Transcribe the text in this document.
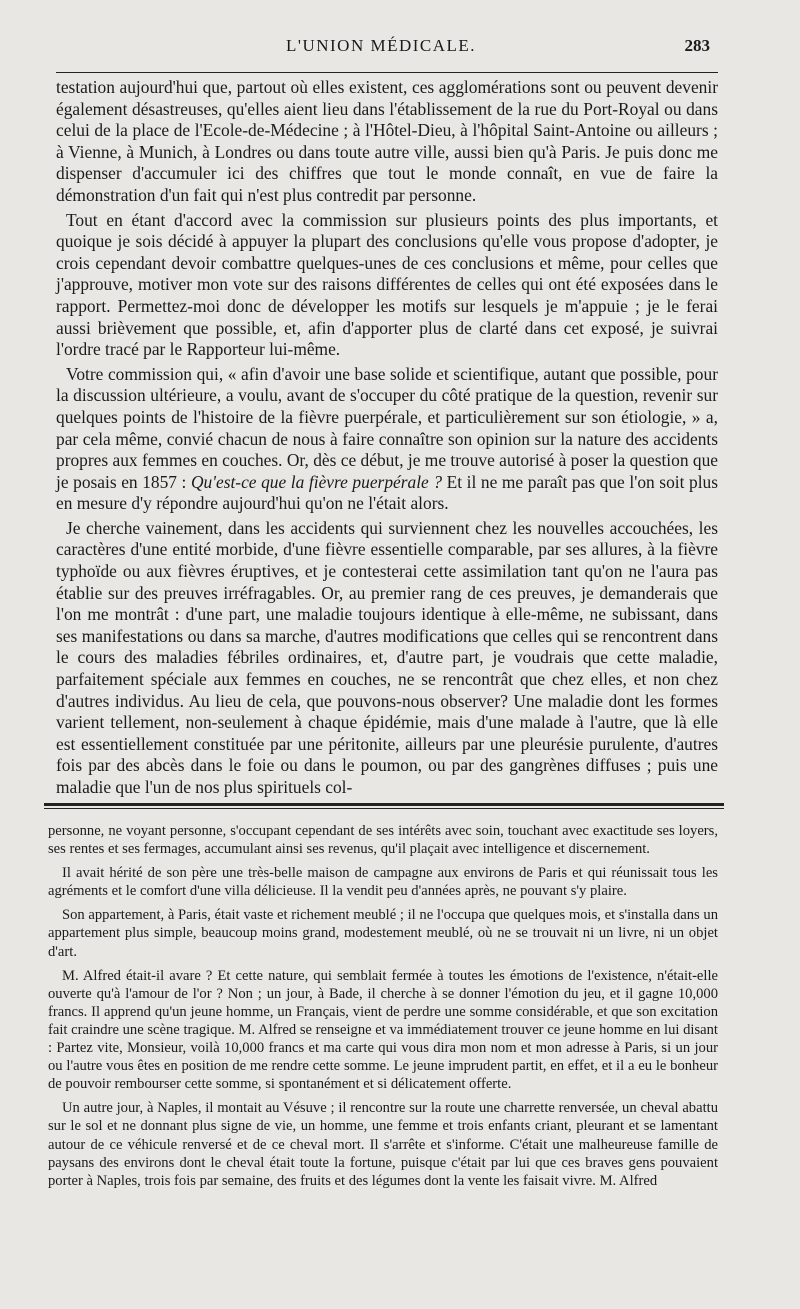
L'UNION MÉDICALE.	283

testation aujourd'hui que, partout où elles existent, ces agglomérations sont ou peuvent devenir également désastreuses, qu'elles aient lieu dans l'établissement de la rue du Port-Royal ou dans celui de la place de l'Ecole-de-Médecine ; à l'Hôtel-Dieu, à l'hôpital Saint-Antoine ou ailleurs ; à Vienne, à Munich, à Londres ou dans toute autre ville, aussi bien qu'à Paris. Je puis donc me dispenser d'accumuler ici des chiffres que tout le monde connaît, en vue de faire la démonstration d'un fait qui n'est plus contredit par personne.

Tout en étant d'accord avec la commission sur plusieurs points des plus importants, et quoique je sois décidé à appuyer la plupart des conclusions qu'elle vous propose d'adopter, je crois cependant devoir combattre quelques-unes de ces conclusions et même, pour celles que j'approuve, motiver mon vote sur des raisons différentes de celles qui ont été exposées dans le rapport. Permettez-moi donc de développer les motifs sur lesquels je m'appuie ; je le ferai aussi brièvement que possible, et, afin d'apporter plus de clarté dans cet exposé, je suivrai l'ordre tracé par le Rapporteur lui-même.

Votre commission qui, « afin d'avoir une base solide et scientifique, autant que possible, pour la discussion ultérieure, a voulu, avant de s'occuper du côté pratique de la question, revenir sur quelques points de l'histoire de la fièvre puerpérale, et particulièrement sur son étiologie, » a, par cela même, convié chacun de nous à faire connaître son opinion sur la nature des accidents propres aux femmes en couches. Or, dès ce début, je me trouve autorisé à poser la question que je posais en 1857 : Qu'est-ce que la fièvre puerpérale ? Et il ne me paraît pas que l'on soit plus en mesure d'y répondre aujourd'hui qu'on ne l'était alors.

Je cherche vainement, dans les accidents qui surviennent chez les nouvelles accouchées, les caractères d'une entité morbide, d'une fièvre essentielle comparable, par ses allures, à la fièvre typhoïde ou aux fièvres éruptives, et je contesterai cette assimilation tant qu'on ne l'aura pas établie sur des preuves irréfragables. Or, au premier rang de ces preuves, je demanderais que l'on me montrât : d'une part, une maladie toujours identique à elle-même, ne subissant, dans ses manifestations ou dans sa marche, d'autres modifications que celles qui se rencontrent dans le cours des maladies fébriles ordinaires, et, d'autre part, je voudrais que cette maladie, parfaitement spéciale aux femmes en couches, ne se rencontrât que chez elles, et non chez d'autres individus. Au lieu de cela, que pouvons-nous observer? Une maladie dont les formes varient tellement, non-seulement à chaque épidémie, mais d'une malade à l'autre, que là elle est essentiellement constituée par une péritonite, ailleurs par une pleurésie purulente, d'autres fois par des abcès dans le foie ou dans le poumon, ou par des gangrènes diffuses ; puis une maladie que l'un de nos plus spirituels col-

personne, ne voyant personne, s'occupant cependant de ses intérêts avec soin, touchant avec exactitude ses loyers, ses rentes et ses fermages, accumulant ainsi ses revenus, qu'il plaçait avec intelligence et discernement.

Il avait hérité de son père une très-belle maison de campagne aux environs de Paris et qui réunissait tous les agréments et le comfort d'une villa délicieuse. Il la vendit peu d'années après, ne pouvant s'y plaire.

Son appartement, à Paris, était vaste et richement meublé ; il ne l'occupa que quelques mois, et s'installa dans un appartement plus simple, beaucoup moins grand, modestement meublé, où ne se trouvait ni un livre, ni un objet d'art.

M. Alfred était-il avare ? Et cette nature, qui semblait fermée à toutes les émotions de l'existence, n'était-elle ouverte qu'à l'amour de l'or ? Non ; un jour, à Bade, il cherche à se donner l'émotion du jeu, et il gagne 10,000 francs. Il apprend qu'un jeune homme, un Français, vient de perdre une somme considérable, et que son excitation fait craindre une scène tragique. M. Alfred se renseigne et va immédiatement trouver ce jeune homme en lui disant : Partez vite, Monsieur, voilà 10,000 francs et ma carte qui vous dira mon nom et mon adresse à Paris, si un jour ou l'autre vous êtes en position de me rendre cette somme. Le jeune imprudent partit, en effet, et il a eu le bonheur de pouvoir rembourser cette somme, si spontanément et si délicatement offerte.

Un autre jour, à Naples, il montait au Vésuve ; il rencontre sur la route une charrette renversée, un cheval abattu sur le sol et ne donnant plus signe de vie, un homme, une femme et trois enfants criant, pleurant et se lamentant autour de ce véhicule renversé et de ce cheval mort. Il s'arrête et s'informe. C'était une malheureuse famille de paysans des environs dont le cheval était toute la fortune, puisque c'était par lui que ces braves gens pouvaient porter à Naples, trois fois par semaine, des fruits et des légumes dont la vente les faisait vivre. M. Alfred
